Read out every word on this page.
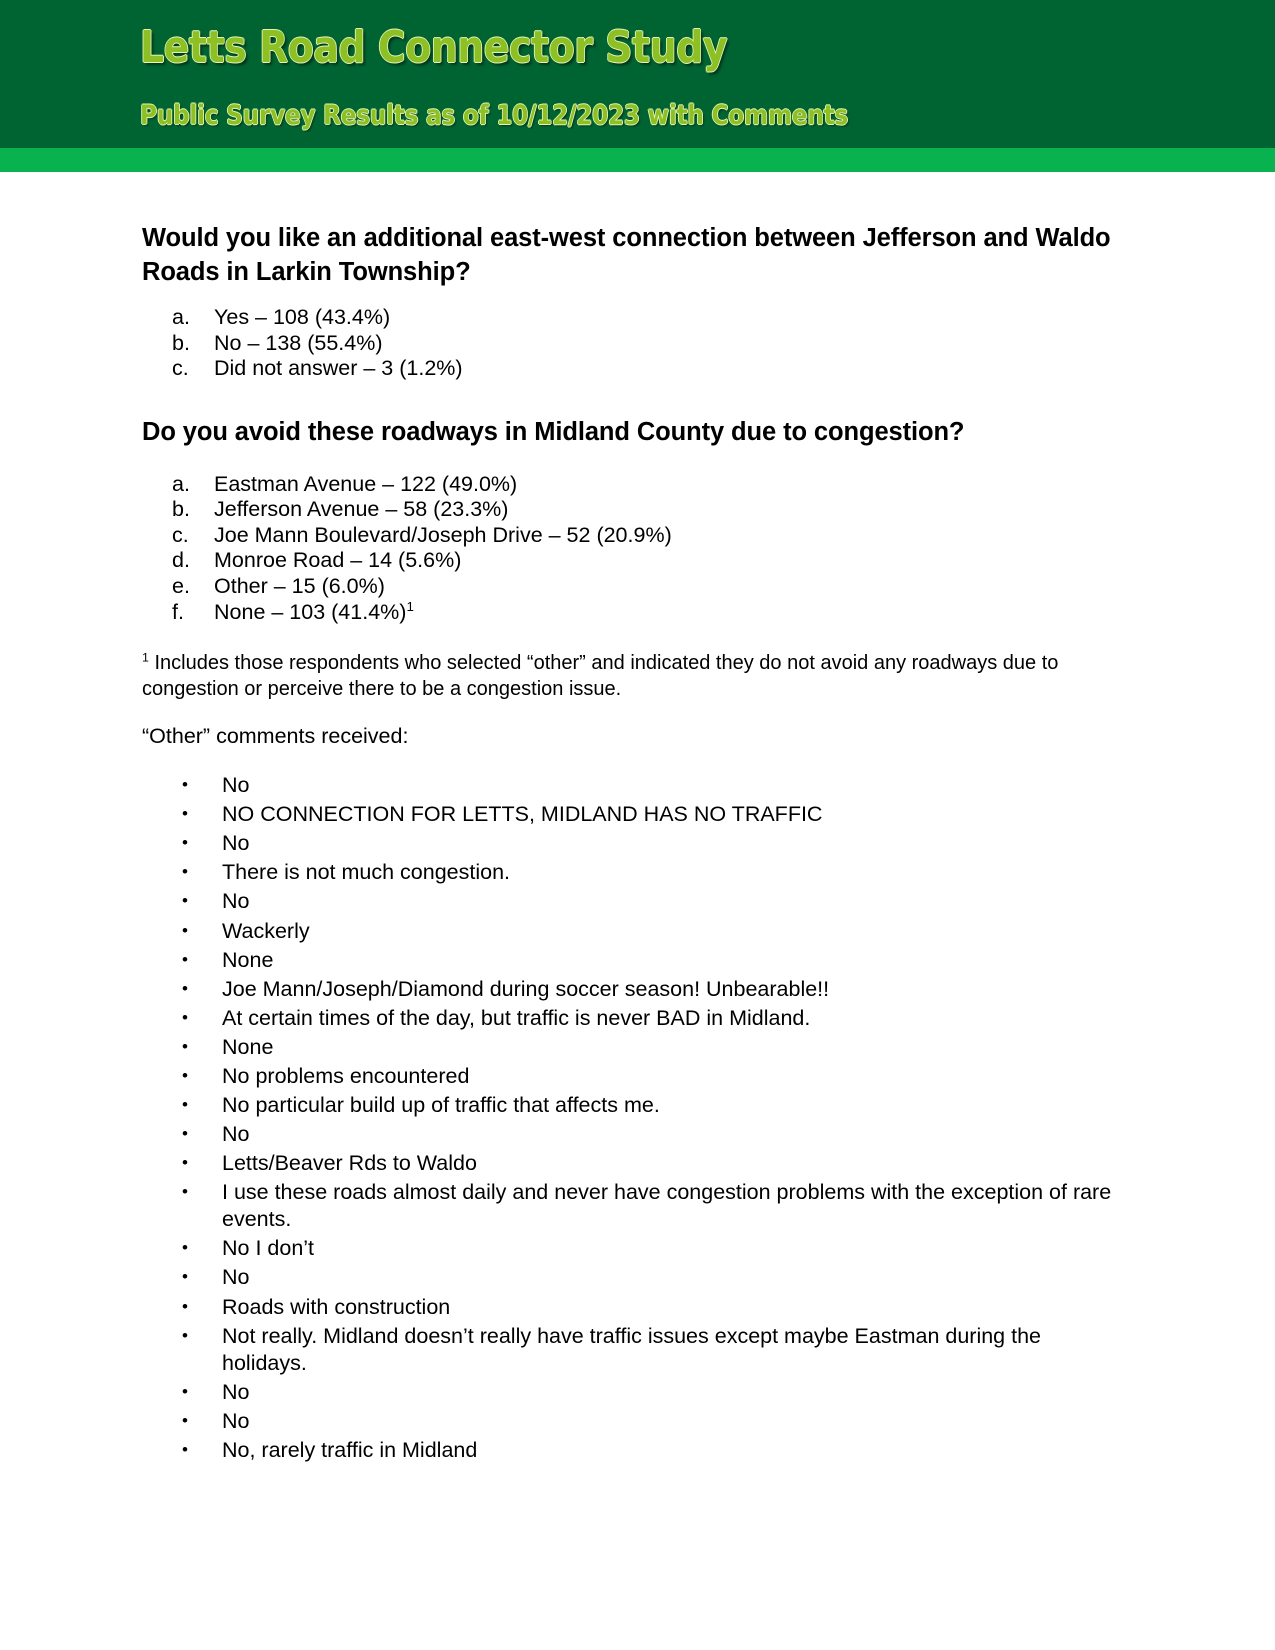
Letts Road Connector Study
Public Survey Results as of 10/12/2023 with Comments
Would you like an additional east-west connection between Jefferson and Waldo Roads in Larkin Township?
a.	Yes – 108 (43.4%)
b.	No – 138 (55.4%)
c.	Did not answer – 3 (1.2%)
Do you avoid these roadways in Midland County due to congestion?
a.	Eastman Avenue – 122 (49.0%)
b.	Jefferson Avenue – 58 (23.3%)
c.	Joe Mann Boulevard/Joseph Drive – 52 (20.9%)
d.	Monroe Road – 14 (5.6%)
e.	Other – 15 (6.0%)
f.	None – 103 (41.4%)$^1$

$^1$ Includes those respondents who selected “other” and indicated they do not avoid any roadways due to congestion or perceive there to be a congestion issue.

“Other” comments received:

•	No
•	NO CONNECTION FOR LETTS, MIDLAND HAS NO TRAFFIC
•	No
•	There is not much congestion.
•	No
•	Wackerly
•	None
•	Joe Mann/Joseph/Diamond during soccer season! Unbearable!!
•	At certain times of the day, but traffic is never BAD in Midland.
•	None
•	No problems encountered
•	No particular build up of traffic that affects me.
•	No
•	Letts/Beaver Rds to Waldo
•	I use these roads almost daily and never have congestion problems with the exception of rare events.
•	No I don’t
•	No
•	Roads with construction
•	Not really. Midland doesn’t really have traffic issues except maybe Eastman during the holidays.
•	No
•	No
•	No, rarely traffic in Midland
